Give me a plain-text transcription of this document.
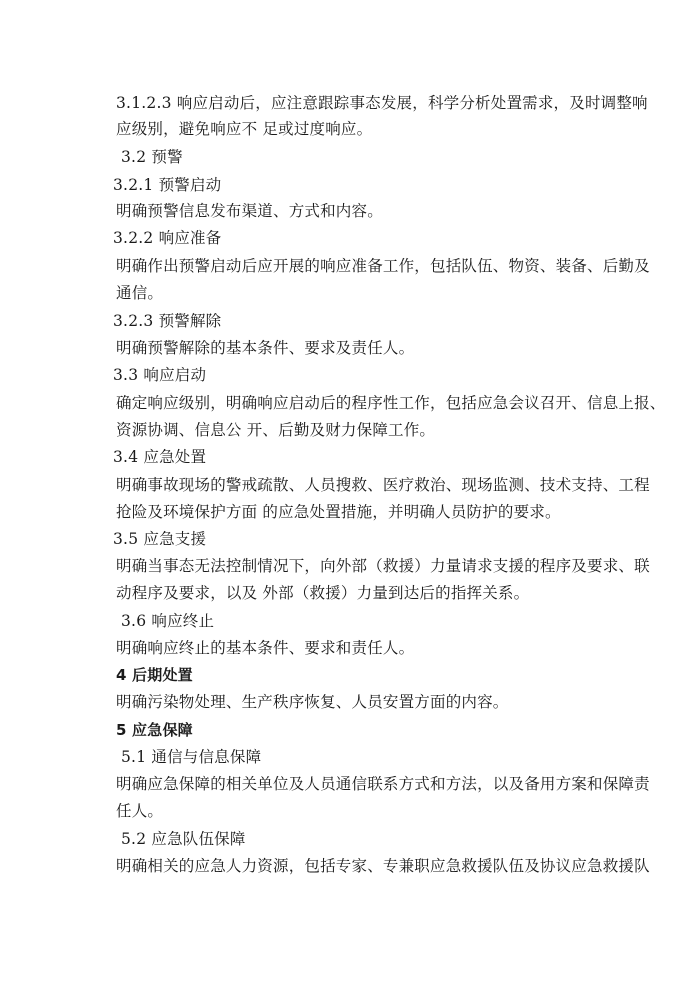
3.1.2.3 响应启动后，应注意跟踪事态发展，科学分析处置需求，及时调整响
应级别，避免响应不 足或过度响应。
3.2 预警
3.2.1 预警启动
明确预警信息发布渠道、方式和内容。
3.2.2 响应准备
明确作出预警启动后应开展的响应准备工作，包括队伍、物资、装备、后勤及
通信。
3.2.3 预警解除
明确预警解除的基本条件、要求及责任人。
3.3 响应启动
确定响应级别，明确响应启动后的程序性工作，包括应急会议召开、信息上报、
资源协调、信息公 开、后勤及财力保障工作。
3.4 应急处置
明确事故现场的警戒疏散、人员搜救、医疗救治、现场监测、技术支持、工程
抢险及环境保护方面 的应急处置措施，并明确人员防护的要求。
3.5 应急支援
明确当事态无法控制情况下，向外部（救援）力量请求支援的程序及要求、联
动程序及要求，以及 外部（救援）力量到达后的指挥关系。
3.6 响应终止
明确响应终止的基本条件、要求和责任人。
4 后期处置
明确污染物处理、生产秩序恢复、人员安置方面的内容。
5 应急保障
5.1 通信与信息保障
明确应急保障的相关单位及人员通信联系方式和方法，以及备用方案和保障责
任人。
5.2 应急队伍保障
明确相关的应急人力资源，包括专家、专兼职应急救援队伍及协议应急救援队
